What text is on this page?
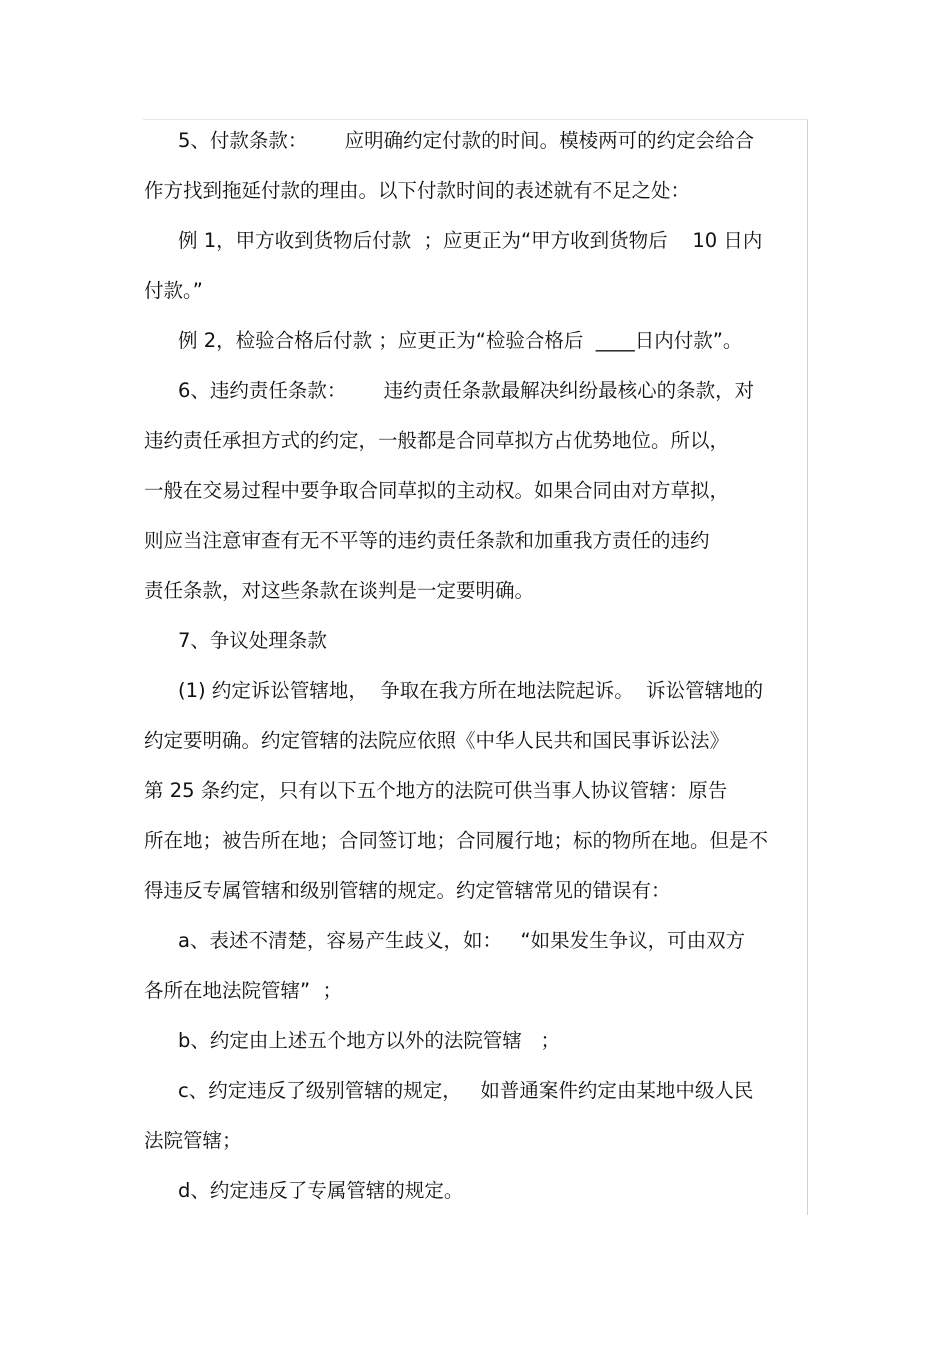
5、付款条款：      应明确约定付款的时间。模棱两可的约定会给合
作方找到拖延付款的理由。以下付款时间的表述就有不足之处：
例 1，甲方收到货物后付款  ；应更正为“甲方收到货物后    10 日内
付款。”
例 2，检验合格后付款 ；应更正为“检验合格后  ____日内付款”。
6、违约责任条款：      违约责任条款最解决纠纷最核心的条款，对
违约责任承担方式的约定，一般都是合同草拟方占优势地位。所以，
一般在交易过程中要争取合同草拟的主动权。如果合同由对方草拟，
则应当注意审查有无不平等的违约责任条款和加重我方责任的违约
责任条款，对这些条款在谈判是一定要明确。
7、争议处理条款
(1) 约定诉讼管辖地，  争取在我方所在地法院起诉。  诉讼管辖地的
约定要明确。约定管辖的法院应依照《中华人民共和国民事诉讼法》
第 25 条约定，只有以下五个地方的法院可供当事人协议管辖：原告
所在地；被告所在地；合同签订地；合同履行地；标的物所在地。但是不
得违反专属管辖和级别管辖的规定。约定管辖常见的错误有：
a、表述不清楚，容易产生歧义，如：   “如果发生争议，可由双方
各所在地法院管辖”  ；
b、约定由上述五个地方以外的法院管辖   ；
c、约定违反了级别管辖的规定，   如普通案件约定由某地中级人民
法院管辖；
d、约定违反了专属管辖的规定。
